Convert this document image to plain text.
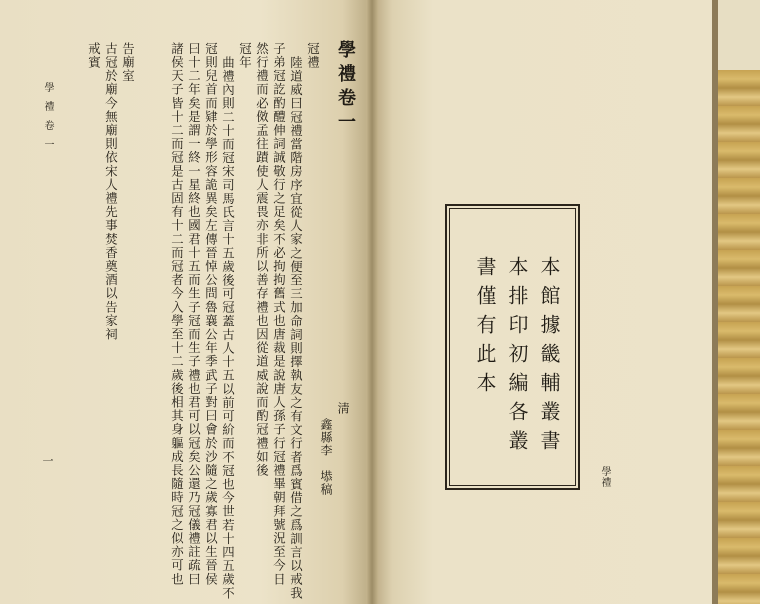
學禮卷一
一
學禮卷一
冠禮
陸道威曰冠禮當階房序宜從人家之便至三加命詞則擇執友之有文行者爲賓借之爲訓言以戒我
子弟冠訖酌醴伸詞誠敬行之足矣不必拘拘舊式也唐裁是說唐人孫子行冠禮畢朝拜號況至今日
然行禮而必傚孟往蹟使人震畏亦非所以善存禮也因從道威說而酌冠禮如後
冠年
曲禮內則二十而冠宋司馬氏言十五歲後可冠蓋古人十五以前可紒而不冠也今世若十四五歲不
冠則兒首而肄於學形容詭異矣左傳晉悼公問魯襄公年季武子對曰會於沙隨之歲寡君以生晉侯
曰十二年矣是謂一終一星終也國君十五而生子冠而生子禮也君可以冠矣公還乃冠儀禮註疏曰
諸侯天子皆十二而冠是古固有十二而冠者今入學至十二歲後相其身軀成長隨時冠之似亦可也
告廟室
古冠於廟今無廟則依宋人禮先事焚香奠酒以告家祠
戒賓
淸
鑫縣李　塨稿	本館據畿輔叢書
本排印初編各叢
書僅有此本
學禮
